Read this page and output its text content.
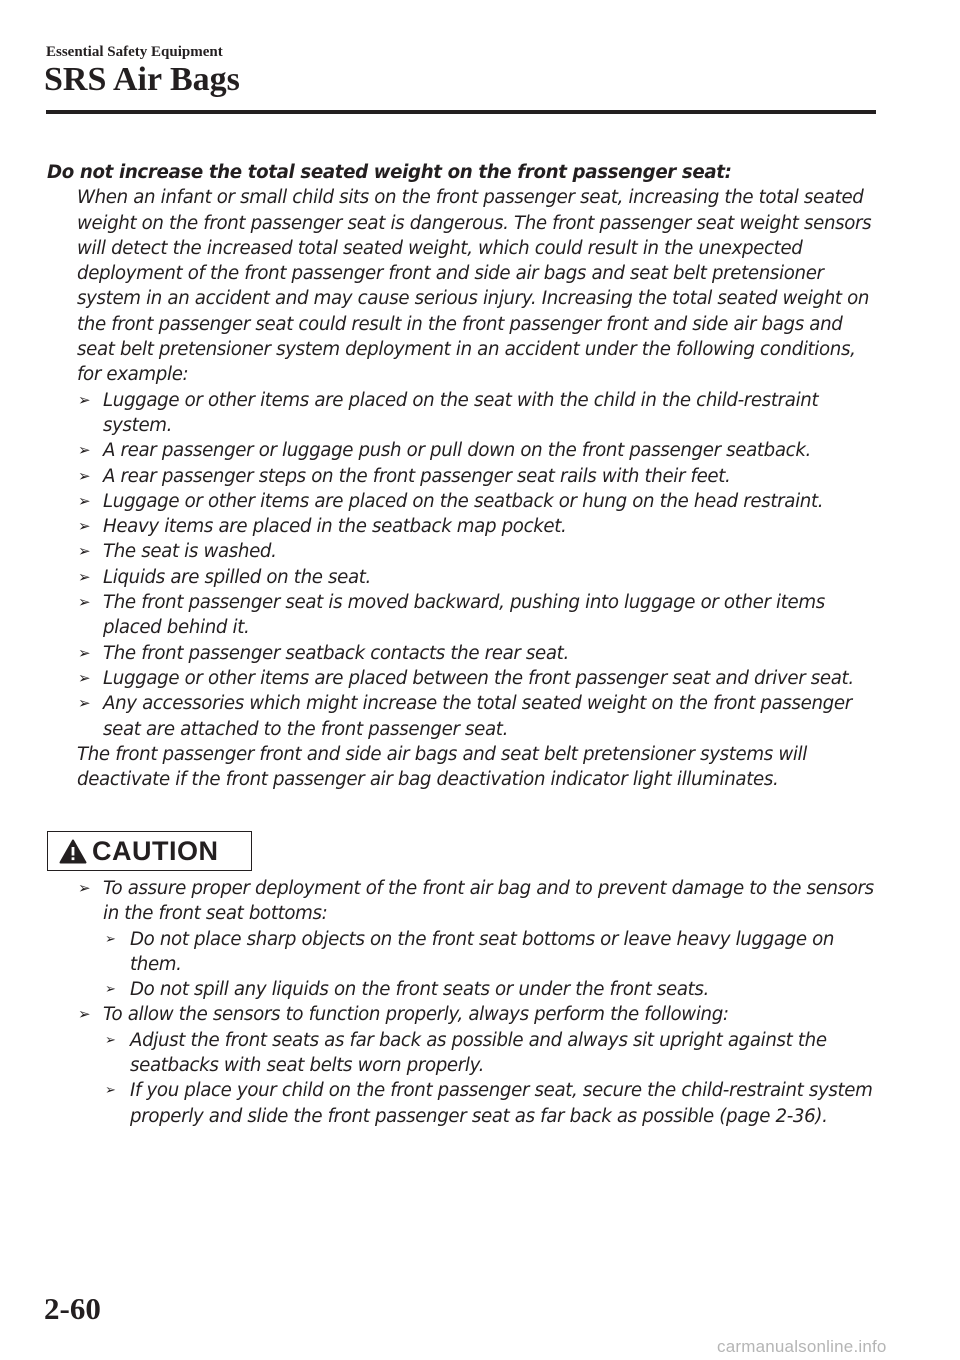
Essential Safety Equipment
SRS Air Bags
Do not increase the total seated weight on the front passenger seat:
When an infant or small child sits on the front passenger seat, increasing the total seated weight on the front passenger seat is dangerous. The front passenger seat weight sensors will detect the increased total seated weight, which could result in the unexpected deployment of the front passenger front and side air bags and seat belt pretensioner system in an accident and may cause serious injury. Increasing the total seated weight on the front passenger seat could result in the front passenger front and side air bags and seat belt pretensioner system deployment in an accident under the following conditions, for example:
➢ Luggage or other items are placed on the seat with the child in the child-restraint system.
➢ A rear passenger or luggage push or pull down on the front passenger seatback.
➢ A rear passenger steps on the front passenger seat rails with their feet.
➢ Luggage or other items are placed on the seatback or hung on the head restraint.
➢ Heavy items are placed in the seatback map pocket.
➢ The seat is washed.
➢ Liquids are spilled on the seat.
➢ The front passenger seat is moved backward, pushing into luggage or other items placed behind it.
➢ The front passenger seatback contacts the rear seat.
➢ Luggage or other items are placed between the front passenger seat and driver seat.
➢ Any accessories which might increase the total seated weight on the front passenger seat are attached to the front passenger seat.
The front passenger front and side air bags and seat belt pretensioner systems will deactivate if the front passenger air bag deactivation indicator light illuminates.
CAUTION
➢ To assure proper deployment of the front air bag and to prevent damage to the sensors in the front seat bottoms:
➢ Do not place sharp objects on the front seat bottoms or leave heavy luggage on them.
➢ Do not spill any liquids on the front seats or under the front seats.
➢ To allow the sensors to function properly, always perform the following:
➢ Adjust the front seats as far back as possible and always sit upright against the seatbacks with seat belts worn properly.
➢ If you place your child on the front passenger seat, secure the child-restraint system properly and slide the front passenger seat as far back as possible (page 2-36).
2-60
carmanualsonline.info
